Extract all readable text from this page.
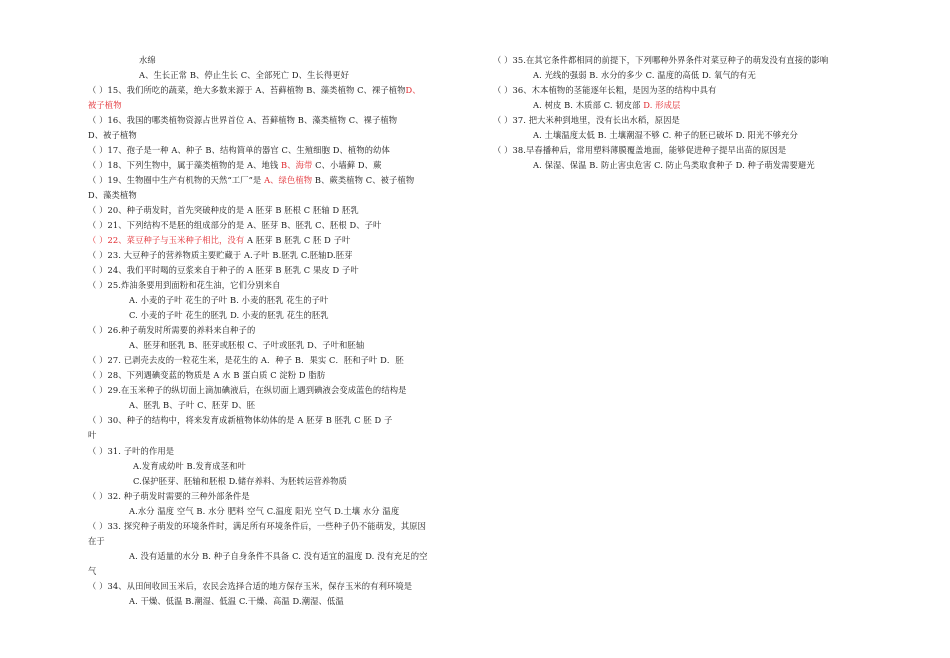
水绵
A、生长正常 B、停止生长 C、全部死亡 D、生长得更好
（ ）15、我们所吃的蔬菜，绝大多数来源于 A、苔藓植物 B、藻类植物 C、裸子植物D、
被子植物
（ ）16、我国的哪类植物资源占世界首位 A、苔藓植物 B、藻类植物 C、裸子植物
D、被子植物
（ ）17、孢子是一种 A、种子 B、结构简单的器官 C、生殖细胞 D、植物的幼体
（ ）18、下列生物中，属于藻类植物的是 A、地钱 B、海带 C、小墙藓 D、蕨
（ ）19、生物圈中生产有机物的天然“工厂”是 A、绿色植物 B、蕨类植物 C、被子植物
D、藻类植物
（ ）20、种子萌发时，首先突破种皮的是 A 胚芽 B 胚根 C 胚轴 D 胚乳
（ ）21、下列结构不是胚的组成部分的是 A、胚芽 B、胚乳 C、胚根 D、子叶
（ ）22、菜豆种子与玉米种子相比，没有 A 胚芽 B 胚乳 C 胚 D 子叶
（ ）23. 大豆种子的营养物质主要贮藏于 A.子叶 B.胚乳 C.胚轴D.胚芽
（ ）24、我们平时喝的豆浆来自于种子的 A 胚芽 B 胚乳 C 果皮 D 子叶
（ ）25.炸油条要用到面粉和花生油，它们分别来自
A. 小麦的子叶 花生的子叶 B. 小麦的胚乳 花生的子叶
C. 小麦的子叶 花生的胚乳 D. 小麦的胚乳 花生的胚乳
（ ）26.种子萌发时所需要的养料来自种子的
A、胚芽和胚乳 B、胚芽或胚根 C、子叶或胚乳 D、子叶和胚轴
（ ）27. 已剥壳去皮的一粒花生米，是花生的 A．种子 B．果实 C．胚和子叶 D．胚
（ ）28、下列遇碘变蓝的物质是 A 水 B 蛋白质 C 淀粉 D 脂肪
（ ）29.在玉米种子的纵切面上滴加碘液后，在纵切面上遇到碘液会变成蓝色的结构是
A、胚乳 B、子叶 C、胚芽 D、胚
（ ）30、种子的结构中，将来发育成新植物体幼体的是 A 胚芽 B 胚乳 C 胚 D 子
叶
（ ）31. 子叶的作用是
A.发育成幼叶 B.发育成茎和叶
C.保护胚芽、胚轴和胚根 D.储存养料、为胚转运营养物质
（ ）32. 种子萌发时需要的三种外部条件是
A.水分 温度 空气 B. 水分 肥料 空气 C.温度 阳光 空气 D.土壤 水分 温度
（ ）33. 探究种子萌发的环境条件时，满足所有环境条件后，一些种子仍不能萌发，其原因
在于
A. 没有适量的水分 B. 种子自身条件不具备 C. 没有适宜的温度 D. 没有充足的空
气
（ ）34、从田间收回玉米后，农民会选择合适的地方保存玉米，保存玉米的有利环境是
A. 干燥、低温 B.潮湿、低温 C.干燥、高温 D.潮湿、低温
（ ）35.在其它条件都相同的前提下，下列哪种外界条件对菜豆种子的萌发没有直接的影响
A. 光线的强弱 B. 水分的多少 C. 温度的高低 D. 氧气的有无
（ ）36、木本植物的茎能逐年长粗，是因为茎的结构中具有
A. 树皮 B. 木质部 C. 韧皮部 D. 形成层
（ ）37. 把大米种到地里，没有长出水稻，原因是
A. 土壤温度太低 B. 土壤潮湿不够 C. 种子的胚已破坏 D. 阳光不够充分
（ ）38.早春播种后，常用塑料薄膜覆盖地面，能够促进种子提早出苗的原因是
A. 保湿、保温 B. 防止害虫危害 C. 防止鸟类取食种子 D. 种子萌发需要避光
